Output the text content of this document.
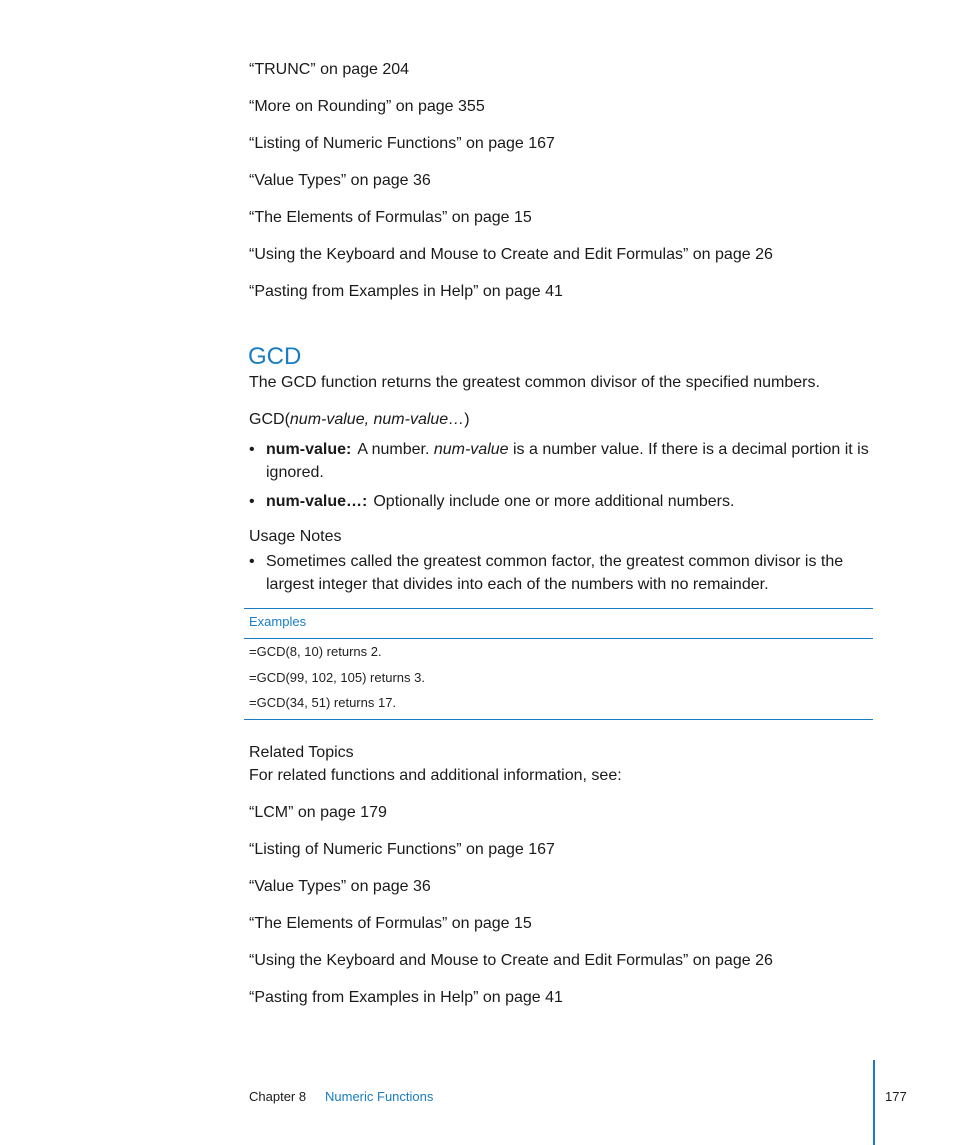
“TRUNC” on page 204

“More on Rounding” on page 355

“Listing of Numeric Functions” on page 167

“Value Types” on page 36

“The Elements of Formulas” on page 15

“Using the Keyboard and Mouse to Create and Edit Formulas” on page 26

“Pasting from Examples in Help” on page 41

GCD

The GCD function returns the greatest common divisor of the specified numbers.

GCD(num-value, num-value…)

• num-value: A number. num-value is a number value. If there is a decimal portion it is ignored.
• num-value…: Optionally include one or more additional numbers.
Usage Notes
• Sometimes called the greatest common factor, the greatest common divisor is the largest integer that divides into each of the numbers with no remainder.
Examples
=GCD(8, 10) returns 2.
=GCD(99, 102, 105) returns 3.
=GCD(34, 51) returns 17.
Related Topics

For related functions and additional information, see:

“LCM” on page 179

“Listing of Numeric Functions” on page 167

“Value Types” on page 36

“The Elements of Formulas” on page 15

“Using the Keyboard and Mouse to Create and Edit Formulas” on page 26

“Pasting from Examples in Help” on page 41

Chapter 8 Numeric Functions	177
